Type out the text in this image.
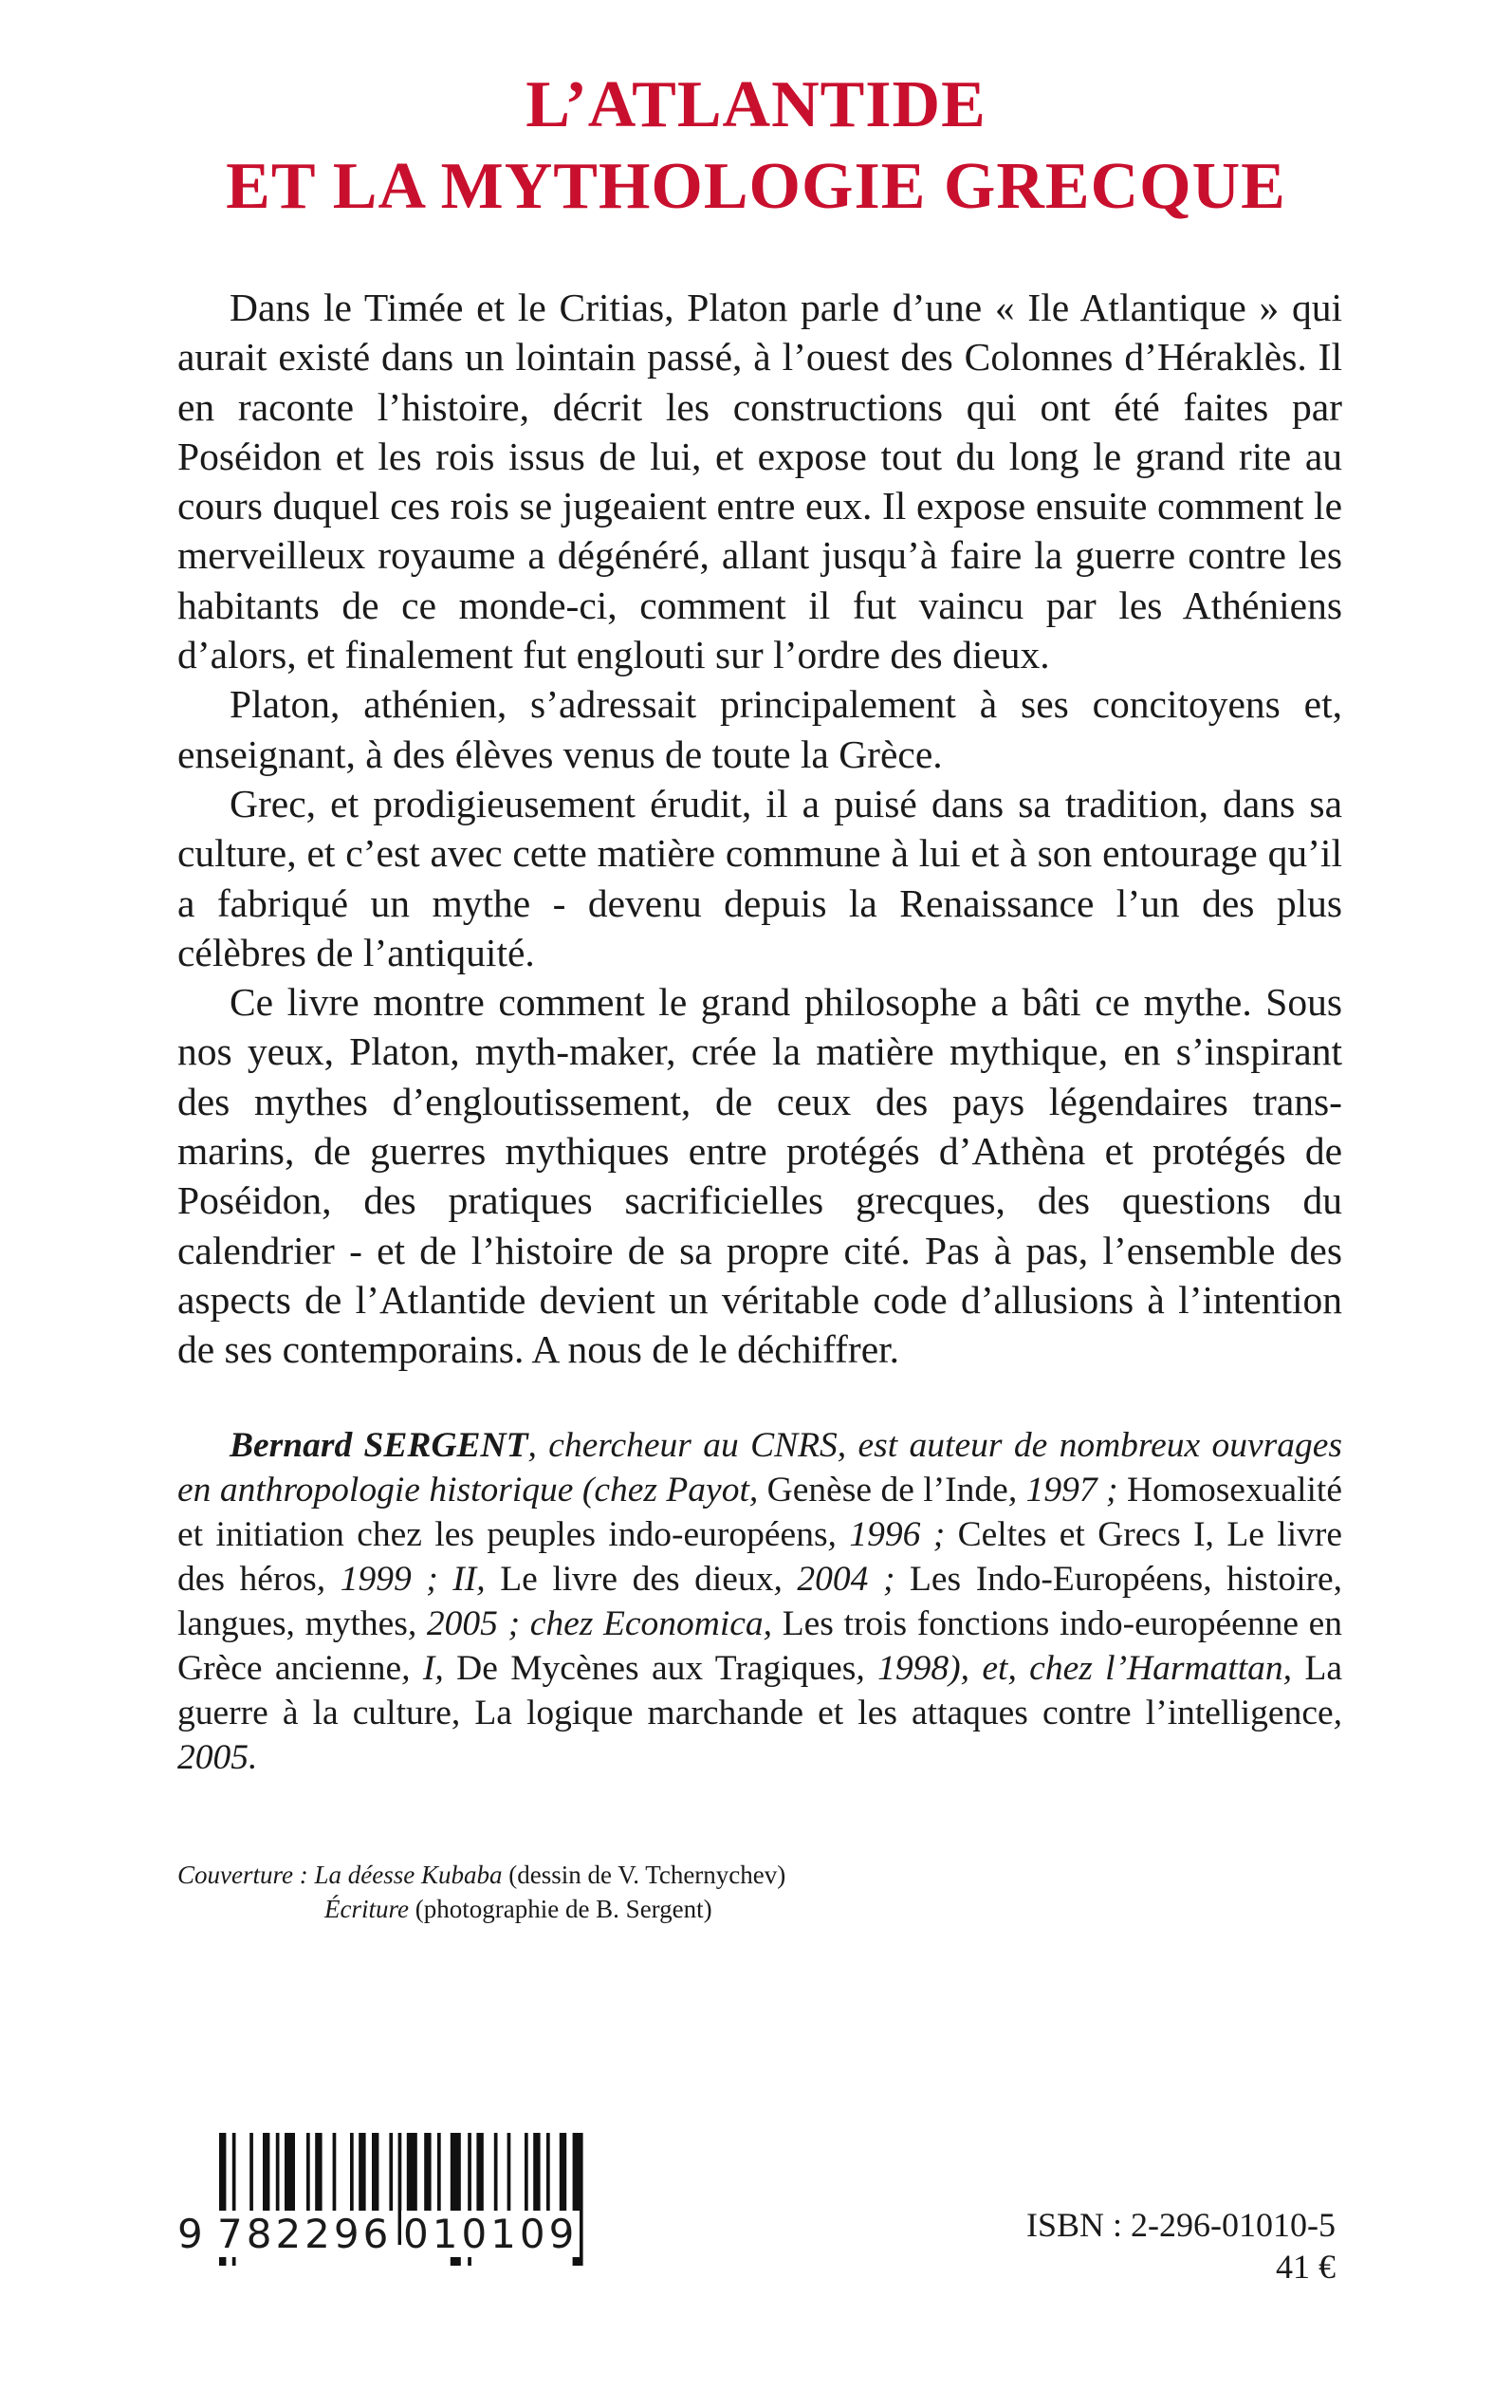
L’ATLANTIDE
ET LA MYTHOLOGIE GRECQUE

Dans le Timée et le Critias, Platon parle d’une « Ile Atlantique » qui aurait existé dans un lointain passé, à l’ouest des Colonnes d’Héraklès. Il en raconte l’histoire, décrit les constructions qui ont été faites par Poséidon et les rois issus de lui, et expose tout du long le grand rite au cours duquel ces rois se jugeaient entre eux. Il expose ensuite comment le merveilleux royaume a dégénéré, allant jusqu’à faire la guerre contre les habitants de ce monde-ci, comment il fut vaincu par les Athéniens d’alors, et finalement fut englouti sur l’ordre des dieux.

Platon, athénien, s’adressait principalement à ses concitoyens et, enseignant, à des élèves venus de toute la Grèce.

Grec, et prodigieusement érudit, il a puisé dans sa tradition, dans sa culture, et c’est avec cette matière commune à lui et à son entourage qu’il a fabriqué un mythe - devenu depuis la Renaissance l’un des plus célèbres de l’antiquité.

Ce livre montre comment le grand philosophe a bâti ce mythe. Sous nos yeux, Platon, myth-maker, crée la matière mythique, en s’inspirant des mythes d’engloutissement, de ceux des pays légendaires trans-marins, de guerres mythiques entre protégés d’Athèna et protégés de Poséidon, des pratiques sacrificielles grecques, des questions du calendrier - et de l’histoire de sa propre cité. Pas à pas, l’ensemble des aspects de l’Atlantide devient un véritable code d’allusions à l’intention de ses contemporains. A nous de le déchiffrer.

Bernard SERGENT, chercheur au CNRS, est auteur de nombreux ouvrages en anthropologie historique (chez Payot, Genèse de l’Inde, 1997 ; Homosexualité et initiation chez les peuples indo-européens, 1996 ; Celtes et Grecs I, Le livre des héros, 1999 ; II, Le livre des dieux, 2004 ; Les Indo-Européens, histoire, langues, mythes, 2005 ; chez Economica, Les trois fonctions indo-européenne en Grèce ancienne, I, De Mycènes aux Tragiques, 1998), et, chez l’Harmattan, La guerre à la culture, La logique marchande et les attaques contre l’intelligence, 2005.

Couverture : La déesse Kubaba (dessin de V. Tchernychev)
Écriture (photographie de B. Sergent)
9 782296 010109	ISBN : 2-296-01010-5
41 €
